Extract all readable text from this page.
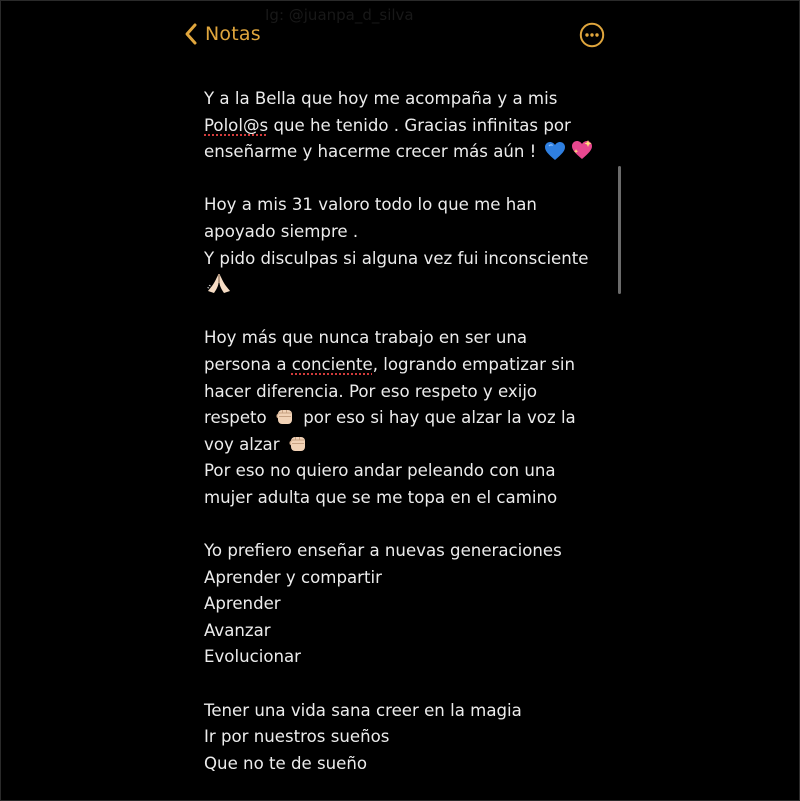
Ig: @juanpa_d_silva
Notas
Y a la Bella que hoy me acompaña y a mis
Polol@s que he tenido . Gracias infinitas por
enseñarme y hacerme crecer más aún !
Hoy a mis 31 valoro todo lo que me han
apoyado siempre .
Y pido disculpas si alguna vez fui inconsciente
Hoy más que nunca trabajo en ser una
persona a conciente, logrando empatizar sin
hacer diferencia. Por eso respeto y exijo
respeto  por eso si hay que alzar la voz la
voy alzar
Por eso no quiero andar peleando con una
mujer adulta que se me topa en el camino
Yo prefiero enseñar a nuevas generaciones
Aprender y compartir
Aprender
Avanzar
Evolucionar
Tener una vida sana creer en la magia
Ir por nuestros sueños
Que no te de sueño
